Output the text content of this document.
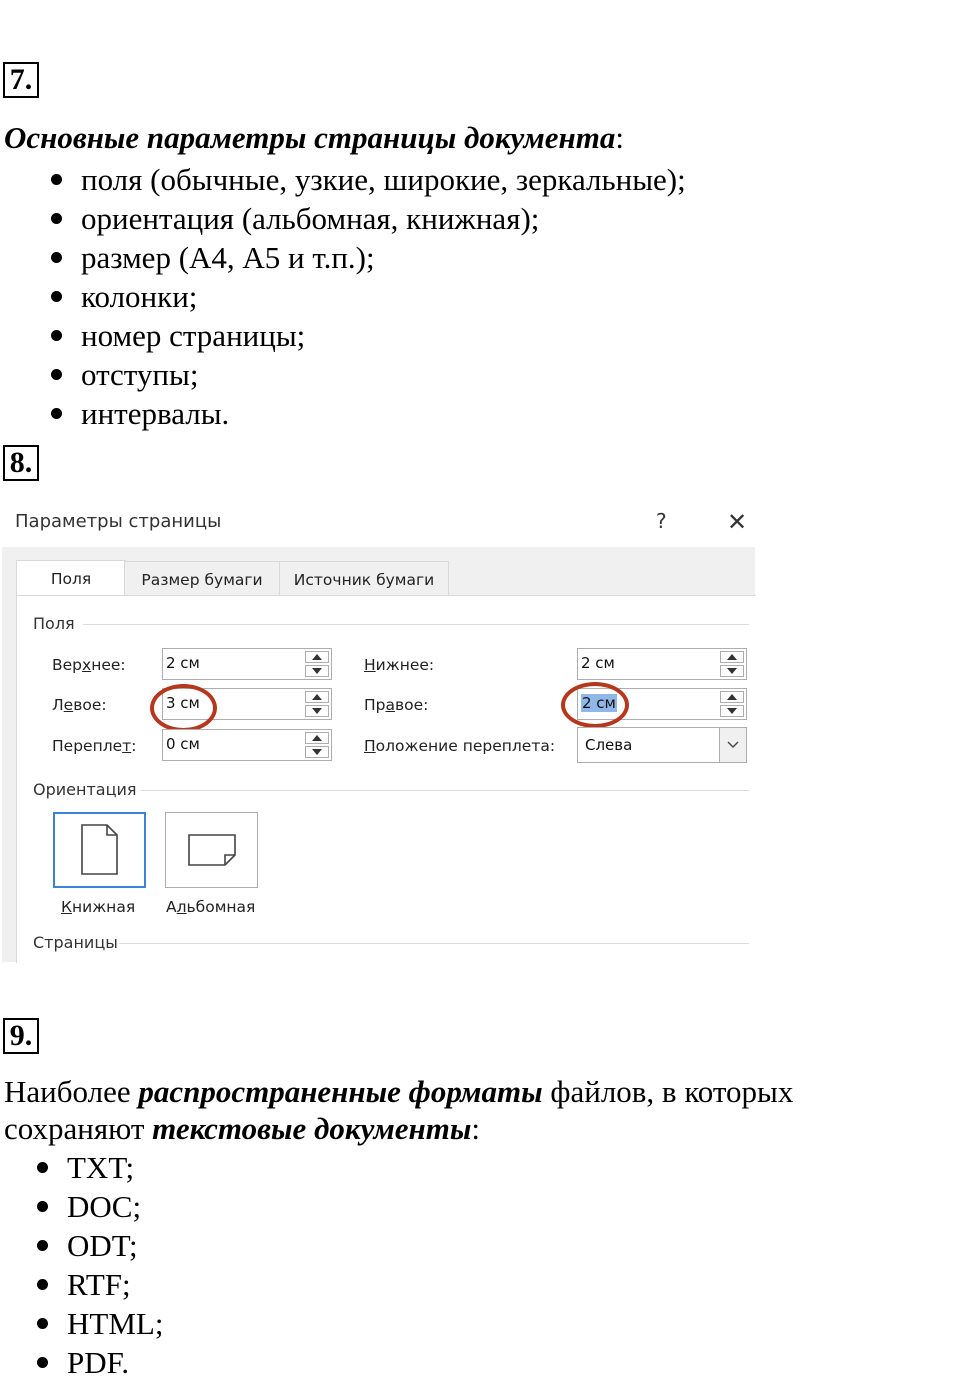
7.
Основные параметры страницы документа:
поля (обычные, узкие, широкие, зеркальные);
ориентация (альбомная, книжная);
размер (А4, А5 и т.п.);
колонки;
номер страницы;
отступы;
интервалы.
8.
Параметры страницы	?	✕
Поля	Размер бумаги	Источник бумаги
Поля
Верхнее:	2 см	Нижнее:	2 см
Левое:	3 см	Правое:	2 см
Переплет: 0 см	Положение переплета: Слева
Ориентация
Книжная Альбомная
Страницы
9.
Наиболее распространенные форматы файлов, в которых
сохраняют текстовые документы:
TXT;
DOC;
ODT;
RTF;
HTML;
PDF.
